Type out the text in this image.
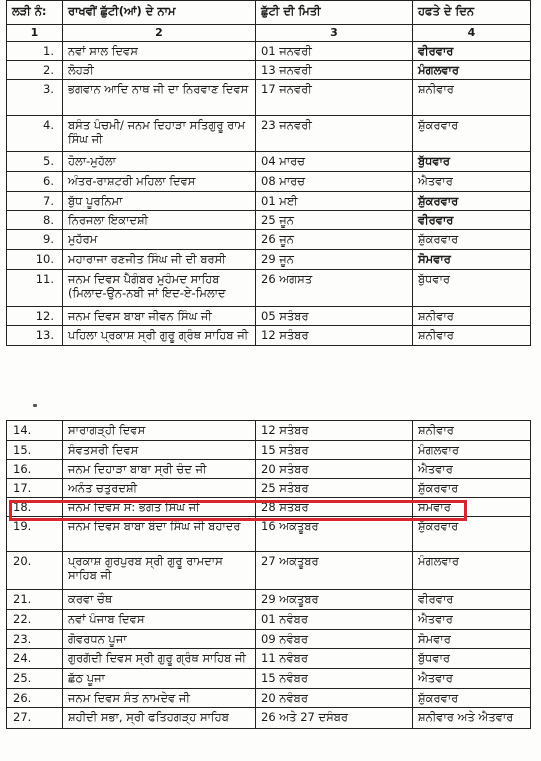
ਲੜੀ ਨੰ:	ਰਾਖਵੀਂ ਛੁੱਟੀ(ਆਂ) ਦੇ ਨਾਮ	ਛੁੱਟੀ ਦੀ ਮਿਤੀ	ਹਫਤੇ ਦੇ ਦਿਨ
1	2	3	4
1.	ਨਵਾਂ ਸਾਲ ਦਿਵਸ	01 ਜਨਵਰੀ	ਵੀਰਵਾਰ
2.	ਲੋਹੜੀ	13 ਜਨਵਰੀ	ਮੰਗਲਵਾਰ
3.	ਭਗਵਾਨ ਆਦਿ ਨਾਥ ਜੀ ਦਾ ਨਿਰਵਾਣ ਦਿਵਸ	17 ਜਨਵਰੀ	ਸ਼ਨੀਵਾਰ
4.	ਬਸੰਤ ਪੰਚਮੀ/ ਜਨਮ ਦਿਹਾੜਾ ਸਤਿਗੁਰੂ ਰਾਮ ਸਿੰਘ ਜੀ	23 ਜਨਵਰੀ	ਸ਼ੁੱਕਰਵਾਰ
5.	ਹੋਲਾ-ਮੁਹੱਲਾ	04 ਮਾਰਚ	ਬੁੱਧਵਾਰ
6.	ਅੰਤਰ-ਰਾਸ਼ਟਰੀ ਮਹਿਲਾ ਦਿਵਸ	08 ਮਾਰਚ	ਐਤਵਾਰ
7.	ਬੁੱਧ ਪੂਰਨਿਮਾ	01 ਮਈ	ਸ਼ੁੱਕਰਵਾਰ
8.	ਨਿਰਜਲਾ ਇਕਾਦਸ਼ੀ	25 ਜੂਨ	ਵੀਰਵਾਰ
9.	ਮੁਹੱਰਮ	26 ਜੂਨ	ਸ਼ੁੱਕਰਵਾਰ
10.	ਮਹਾਰਾਜਾ ਰਣਜੀਤ ਸਿੰਘ ਜੀ ਦੀ ਬਰਸੀ	29 ਜੂਨ	ਸੋਮਵਾਰ
11.	ਜਨਮ ਦਿਵਸ ਪੈਗੰਬਰ ਮੁਹੰਮਦ ਸਾਹਿਬ (ਮਿਲਾਦ-ਉਨ-ਨਬੀ ਜਾਂ ਇਦ-ਏ-ਮਿਲਾਦ	26 ਅਗਸਤ	ਬੁੱਧਵਾਰ
12.	ਜਨਮ ਦਿਵਸ ਬਾਬਾ ਜੀਵਨ ਸਿੰਘ ਜੀ	05 ਸਤੰਬਰ	ਸ਼ਨੀਵਾਰ
13.	ਪਹਿਲਾ ਪ੍ਰਕਾਸ਼ ਸ੍ਰੀ ਗੁਰੂ ਗ੍ਰੰਥ ਸਾਹਿਬ ਜੀ	12 ਸਤੰਬਰ	ਸ਼ਨੀਵਾਰ
14.	ਸਾਰਾਗੜ੍ਹੀ ਦਿਵਸ	12 ਸਤੰਬਰ	ਸ਼ਨੀਵਾਰ
15.	ਸੰਵਤਸਰੀ ਦਿਵਸ	15 ਸਤੰਬਰ	ਮੰਗਲਵਾਰ
16.	ਜਨਮ ਦਿਹਾੜਾ ਬਾਬਾ ਸ੍ਰੀ ਚੰਦ ਜੀ	20 ਸਤੰਬਰ	ਐਤਵਾਰ
17.	ਅਨੰਤ ਚਤੁਰਦਸ਼ੀ	25 ਸਤੰਬਰ	ਸ਼ੁੱਕਰਵਾਰ
18.	ਜਨਮ ਦਿਵਸ ਸ: ਭਗਤ ਸਿੰਘ ਜੀ	28 ਸਤੰਬਰ	ਸੋਮਵਾਰ
19.	ਜਨਮ ਦਿਵਸ ਬਾਬਾ ਬੰਦਾ ਸਿੰਘ ਜੀ ਬਹਾਦਰ	16 ਅਕਤੂਬਰ	ਸ਼ੁੱਕਰਵਾਰ
20.	ਪ੍ਰਕਾਸ਼ ਗੁਰਪੁਰਬ ਸ੍ਰੀ ਗੁਰੂ ਰਾਮਦਾਸ ਸਾਹਿਬ ਜੀ	27 ਅਕਤੂਬਰ	ਮੰਗਲਵਾਰ
21.	ਕਰਵਾ ਚੌਥ	29 ਅਕਤੂਬਰ	ਵੀਰਵਾਰ
22.	ਨਵਾਂ ਪੰਜਾਬ ਦਿਵਸ	01 ਨਵੰਬਰ	ਐਤਵਾਰ
23.	ਗੋਵਰਧਨ ਪੂਜਾ	09 ਨਵੰਬਰ	ਸੋਮਵਾਰ
24.	ਗੁਰਗੱਦੀ ਦਿਵਸ ਸ੍ਰੀ ਗੁਰੂ ਗ੍ਰੰਥ ਸਾਹਿਬ ਜੀ	11 ਨਵੰਬਰ	ਬੁੱਧਵਾਰ
25.	ਛੱਠ ਪੂਜਾ	15 ਨਵੰਬਰ	ਐਤਵਾਰ
26.	ਜਨਮ ਦਿਵਸ ਸੰਤ ਨਾਮਦੇਵ ਜੀ	20 ਨਵੰਬਰ	ਸ਼ੁੱਕਰਵਾਰ
27.	ਸ਼ਹੀਦੀ ਸਭਾ, ਸ੍ਰੀ ਫਤਿਹਗੜ੍ਹ ਸਾਹਿਬ	26 ਅਤੇ 27 ਦਸੰਬਰ	ਸ਼ਨੀਵਾਰ ਅਤੇ ਐਤਵਾਰ
